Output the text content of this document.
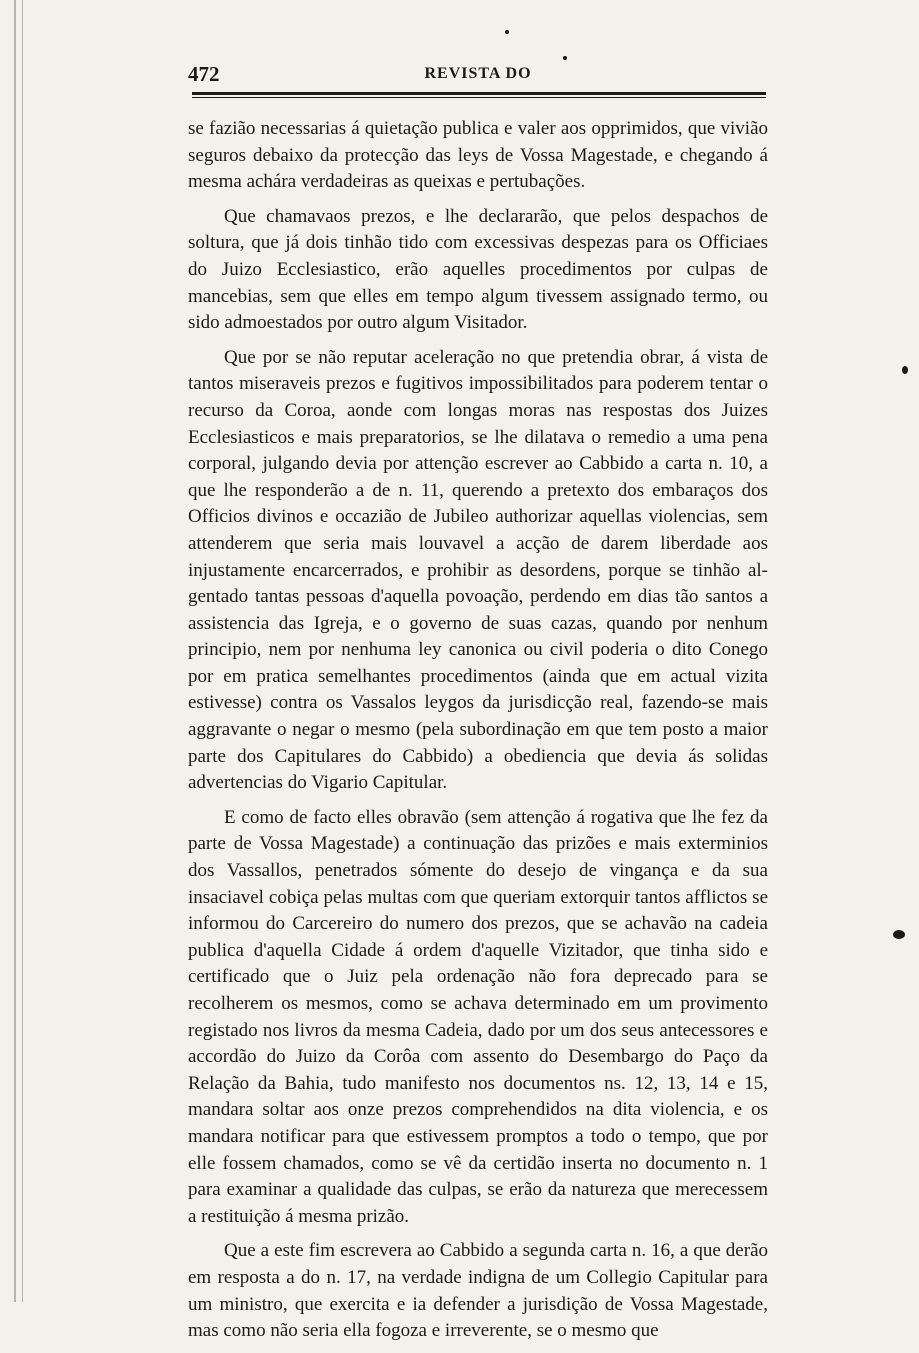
472	REVISTA DO

se fazião necessarias á quietação publica e valer aos opprimidos, que vivião seguros debaixo da protecção das leys de Vossa Magestade, e chegando á mesma achára verdadeiras as queixas e pertubações.

Que chamavaos prezos, e lhe declararão, que pelos despachos de soltura, que já dois tinhão tido com excessivas despezas para os Officiaes do Juizo Ecclesiastico, erão aquelles procedimentos por culpas de mancebias, sem que elles em tempo algum tivessem assignado termo, ou sido admoestados por outro algum Visitador.

Que por se não reputar aceleração no que pretendia obrar, á vista de tantos miseraveis prezos e fugitivos impossibilitados para poderem tentar o recurso da Coroa, aonde com longas moras nas respostas dos Juizes Ecclesiasticos e mais preparatorios, se lhe dilatava o remedio a uma pena corporal, julgando devia por attenção escrever ao Cabbido a carta n. 10, a que lhe responderão a de n. 11, querendo a pretexto dos embaraços dos Officios divinos e occazião de Jubileo authorizar aquellas violencias, sem attenderem que seria mais louvavel a acção de darem liberdade aos injustamente encarcerrados, e prohibir as desordens, porque se tinhão al-gentado tantas pessoas d'aquella povoação, perdendo em dias tão santos a assistencia das Igreja, e o governo de suas cazas, quando por nenhum principio, nem por nenhuma ley canonica ou civil poderia o dito Conego por em pratica semelhantes procedimentos (ainda que em actual vizita estivesse) contra os Vassalos leygos da jurisdicção real, fazendo-se mais aggravante o negar o mesmo (pela subordinação em que tem posto a maior parte dos Capitulares do Cabbido) a obediencia que devia ás solidas advertencias do Vigario Capitular.

E como de facto elles obravão (sem attenção á rogativa que lhe fez da parte de Vossa Magestade) a continuação das prizões e mais exterminios dos Vassallos, penetrados sómente do desejo de vingança e da sua insaciavel cobiça pelas multas com que queriam extorquir tantos afflictos se informou do Carcereiro do numero dos prezos, que se achavão na cadeia publica d'aquella Cidade á ordem d'aquelle Vizitador, que tinha sido e certificado que o Juiz pela ordenação não fora deprecado para se recolherem os mesmos, como se achava determinado em um provimento registado nos livros da mesma Cadeia, dado por um dos seus antecessores e accordão do Juizo da Corôa com assento do Desembargo do Paço da Relação da Bahia, tudo manifesto nos documentos ns. 12, 13, 14 e 15, mandara soltar aos onze prezos comprehendidos na dita violencia, e os mandara notificar para que estivessem promptos a todo o tempo, que por elle fossem chamados, como se vê da certidão inserta no documento n. 1 para examinar a qualidade das culpas, se erão da natureza que merecessem a restituição á mesma prizão.

Que a este fim escrevera ao Cabbido a segunda carta n. 16, a que derão em resposta a do n. 17, na verdade indigna de um Collegio Capitular para um ministro, que exercita e ia defender a jurisdição de Vossa Magestade, mas como não seria ella fogoza e irreverente, se o mesmo que
